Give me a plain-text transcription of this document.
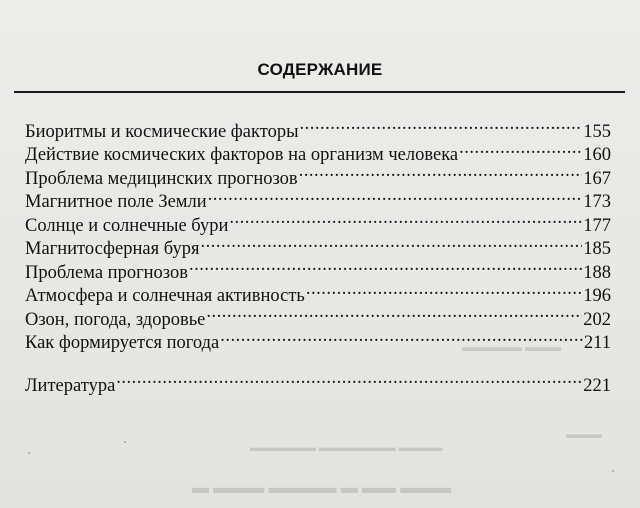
СОДЕРЖАНИЕ
Биоритмы и космические факторы .....	155
Действие космических факторов на организм человека .....	160
Проблема медицинских прогнозов .....	167
Магнитное поле Земли .....	173
Солнце и солнечные бури .....	177
Магнитосферная буря .....	185
Проблема прогнозов .....	188
Атмосфера и солнечная активность .....	196
Озон, погода, здоровье .....	202
Как формируется погода .....	211
Литература .....	221
▬▬▬▬ ▬▬▬▬▬▬▬ ▬▬▬▬▬▬
▬▬▬ ▬▬ ▬ ▬▬▬▬ ▬▬▬ ▬
▬▬▬
▬▬▬ ▬▬▬▬▬
